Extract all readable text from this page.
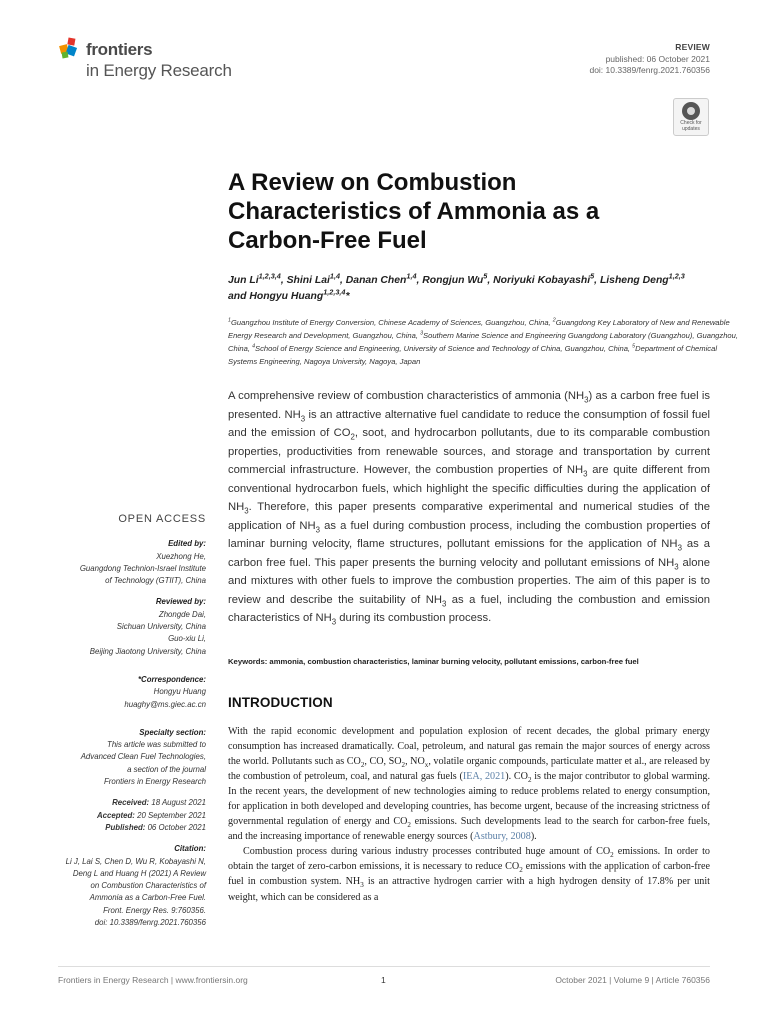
frontiers
in Energy Research
REVIEW
published: 06 October 2021
doi: 10.3389/fenrg.2021.760356
Check for updates
A Review on Combustion
Characteristics of Ammonia as a
Carbon-Free Fuel
Jun Li$^{1,2,3,4}$, Shini Lai$^{1,4}$, Danan Chen$^{1,4}$, Rongjun Wu$^5$, Noriyuki Kobayashi$^5$, Lisheng Deng$^{1,2,3}$
and Hongyu Huang$^{1,2,3,4}$*
$^1$Guangzhou Institute of Energy Conversion, Chinese Academy of Sciences, Guangzhou, China, $^2$Guangdong Key Laboratory of New and Renewable Energy Research and Development, Guangzhou, China, $^3$Southern Marine Science and Engineering Guangdong Laboratory (Guangzhou), Guangzhou, China, $^4$School of Energy Science and Engineering, University of Science and Technology of China, Guangzhou, China, $^5$Department of Chemical Systems Engineering, Nagoya University, Nagoya, Japan
A comprehensive review of combustion characteristics of ammonia $(NH_3)$ as a carbon free fuel is presented. $NH_3$ is an attractive alternative fuel candidate to reduce the consumption of fossil fuel and the emission of $CO_2$, soot, and hydrocarbon pollutants, due to its comparable combustion properties, productivities from renewable sources, and storage and transportation by current commercial infrastructure. However, the combustion properties of $NH_3$ are quite different from conventional hydrocarbon fuels, which highlight the specific difficulties during the application of $NH_3$. Therefore, this paper presents comparative experimental and numerical studies of the application of $NH_3$ as a fuel during combustion process, including the combustion properties of laminar burning velocity, flame structures, pollutant emissions for the application of $NH_3$ as a carbon free fuel. This paper presents the burning velocity and pollutant emissions of $NH_3$ alone and mixtures with other fuels to improve the combustion properties. The aim of this paper is to review and describe the suitability of $NH_3$ as a fuel, including the combustion and emission characteristics of $NH_3$ during its combustion process.
Keywords: ammonia, combustion characteristics, laminar burning velocity, pollutant emissions, carbon-free fuel
INTRODUCTION

With the rapid economic development and population explosion of recent decades, the global primary energy consumption has increased dramatically. Coal, petroleum, and natural gas remain the major sources of energy across the world. Pollutants such as $CO_2$, CO, $SO_2$, $NO_x$, volatile organic compounds, particulate matter et al., are released by the combustion of petroleum, coal, and natural gas fuels (IEA, 2021). $CO_2$ is the major contributor to global warming. In the recent years, the development of new technologies aiming to reduce problems related to energy consumption, for application in both developed and developing countries, has become urgent, because of the increasing strictness of governmental regulation of energy and $CO_2$ emissions. Such developments lead to the search for carbon-free fuels, and the increasing importance of renewable energy sources (Astbury, 2008).

Combustion process during various industry processes contributed huge amount of $CO_2$ emissions. In order to obtain the target of zero-carbon emissions, it is necessary to reduce $CO_2$ emissions with the application of carbon-free fuel in combustion system. $NH_3$ is an attractive hydrogen carrier with a high hydrogen density of 17.8% per unit weight, which can be considered as a

OPEN ACCESS
Edited by:
Xuezhong He,
Guangdong Technion-Israel Institute
of Technology (GTIIT), China
Reviewed by:
Zhongde Dai,
Sichuan University, China
Guo-xiu Li,
Beijing Jiaotong University, China
*Correspondence:
Hongyu Huang
huaghy@ms.giec.ac.cn
Specialty section:
This article was submitted to
Advanced Clean Fuel Technologies,
a section of the journal
Frontiers in Energy Research
Received: 18 August 2021
Accepted: 20 September 2021
Published: 06 October 2021
Citation:
Li J, Lai S, Chen D, Wu R, Kobayashi N,
Deng L and Huang H (2021) A Review
on Combustion Characteristics of
Ammonia as a Carbon-Free Fuel.
Front. Energy Res. 9:760356.
doi: 10.3389/fenrg.2021.760356
Frontiers in Energy Research | www.frontiersin.org	1	October 2021 | Volume 9 | Article 760356
